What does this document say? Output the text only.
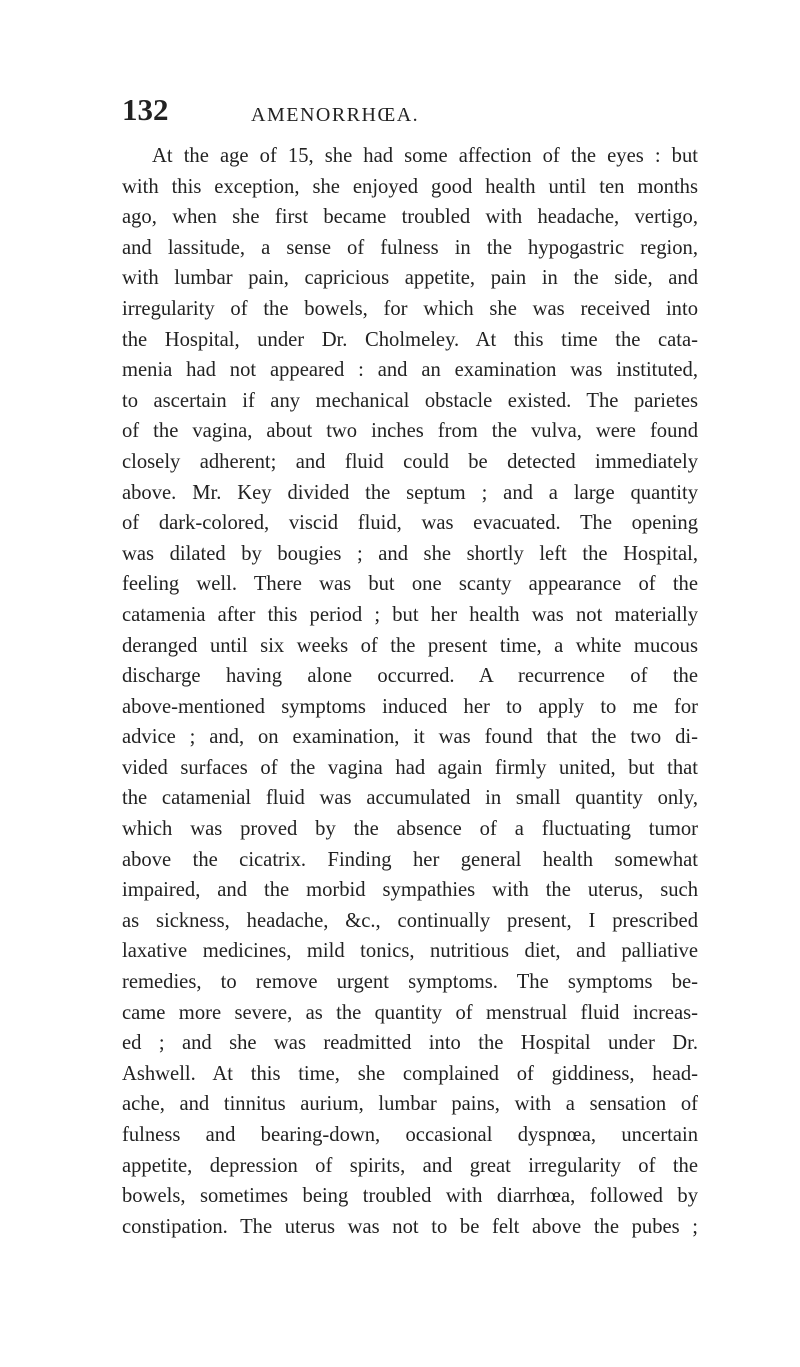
132	AMENORRHŒA.
At the age of 15, she had some affection of the eyes : but
with this exception, she enjoyed good health until ten months
ago, when she first became troubled with headache, vertigo,
and lassitude, a sense of fulness in the hypogastric region,
with lumbar pain, capricious appetite, pain in the side, and
irregularity of the bowels, for which she was received into
the Hospital, under Dr. Cholmeley. At this time the cata-
menia had not appeared : and an examination was instituted,
to ascertain if any mechanical obstacle existed. The parietes
of the vagina, about two inches from the vulva, were found
closely adherent; and fluid could be detected immediately
above. Mr. Key divided the septum ; and a large quantity
of dark-colored, viscid fluid, was evacuated. The opening
was dilated by bougies ; and she shortly left the Hospital,
feeling well. There was but one scanty appearance of the
catamenia after this period ; but her health was not materially
deranged until six weeks of the present time, a white mucous
discharge having alone occurred. A recurrence of the
above-mentioned symptoms induced her to apply to me for
advice ; and, on examination, it was found that the two di-
vided surfaces of the vagina had again firmly united, but that
the catamenial fluid was accumulated in small quantity only,
which was proved by the absence of a fluctuating tumor
above the cicatrix. Finding her general health somewhat
impaired, and the morbid sympathies with the uterus, such
as sickness, headache, &c., continually present, I prescribed
laxative medicines, mild tonics, nutritious diet, and palliative
remedies, to remove urgent symptoms. The symptoms be-
came more severe, as the quantity of menstrual fluid increas-
ed ; and she was readmitted into the Hospital under Dr.
Ashwell. At this time, she complained of giddiness, head-
ache, and tinnitus aurium, lumbar pains, with a sensation of
fulness and bearing-down, occasional dyspnœa, uncertain
appetite, depression of spirits, and great irregularity of the
bowels, sometimes being troubled with diarrhœa, followed by
constipation. The uterus was not to be felt above the pubes ;
